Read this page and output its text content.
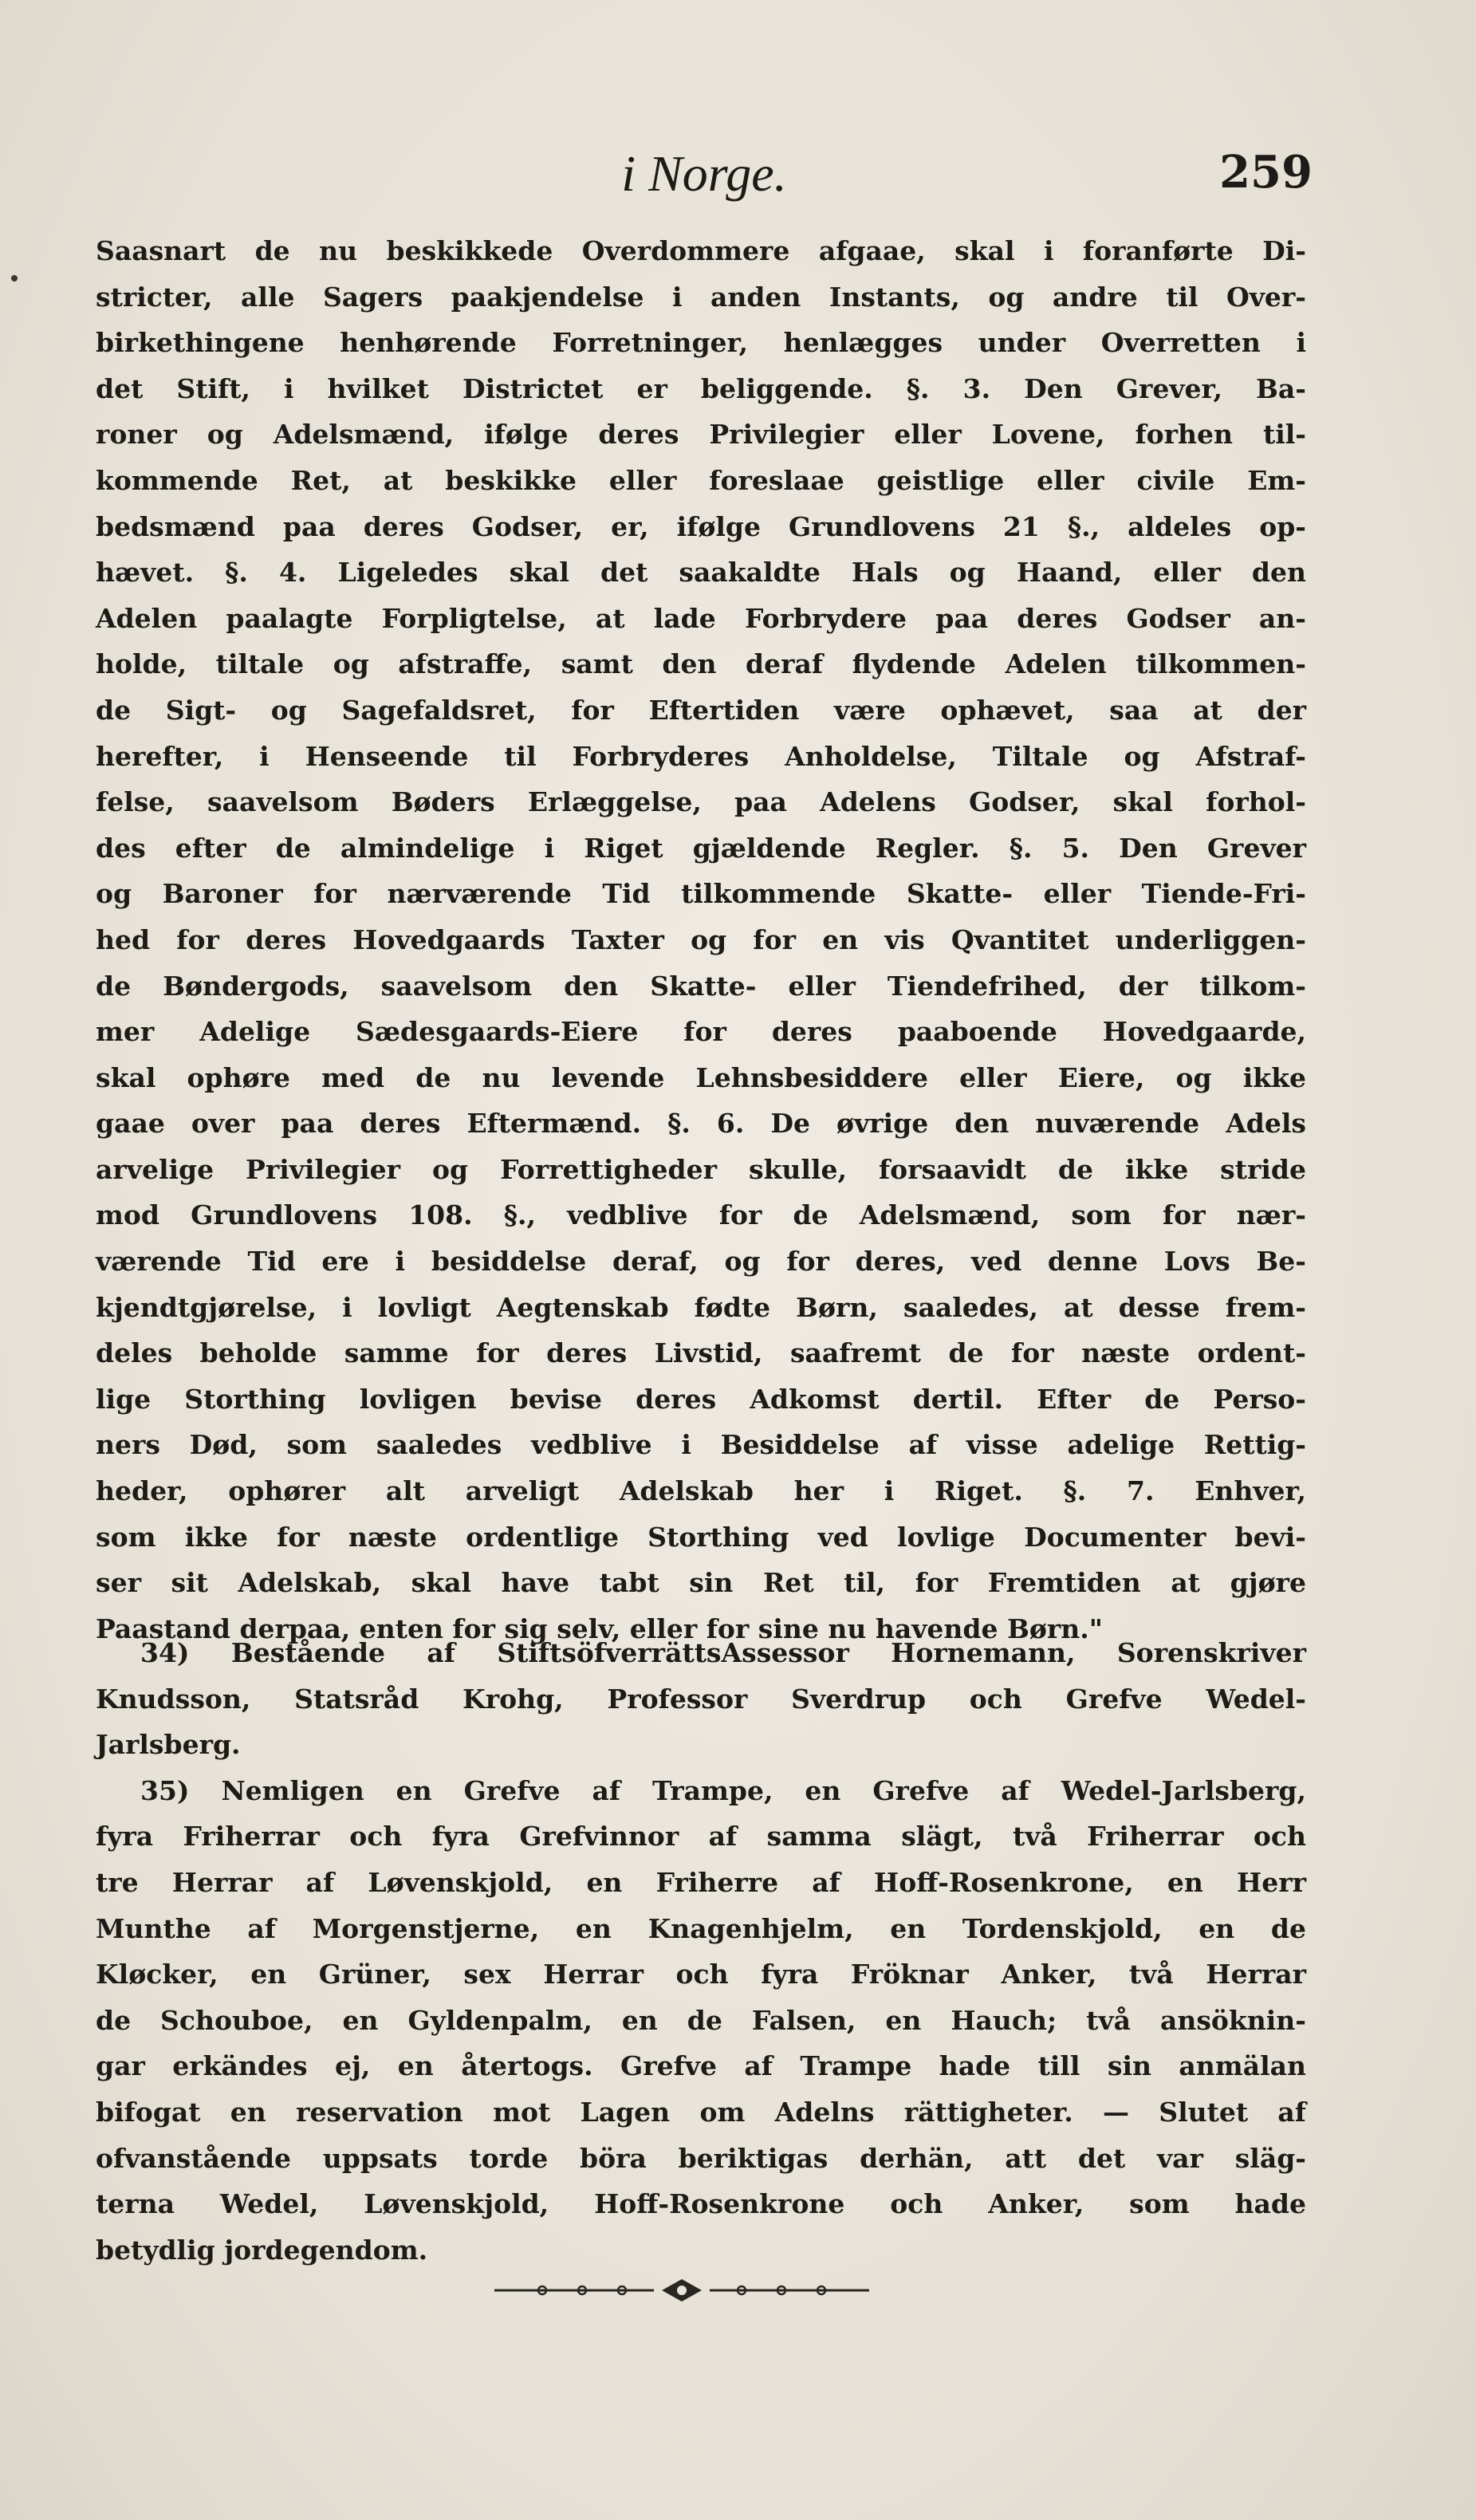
i Norge.	259
Saasnart de nu beskikkede Overdommere afgaae, skal i foranførte Di-
stricter, alle Sagers paakjendelse i anden Instants, og andre til Over-
birkethingene henhørende Forretninger, henlægges under Overretten i
det Stift, i hvilket Districtet er beliggende. §. 3. Den Grever, Ba-
roner og Adelsmænd, ifølge deres Privilegier eller Lovene, forhen til-
kommende Ret, at beskikke eller foreslaae geistlige eller civile Em-
bedsmænd paa deres Godser, er, ifølge Grundlovens 21 §., aldeles op-
hævet. §. 4. Ligeledes skal det saakaldte Hals og Haand, eller den
Adelen paalagte Forpligtelse, at lade Forbrydere paa deres Godser an-
holde, tiltale og afstraffe, samt den deraf flydende Adelen tilkommen-
de Sigt- og Sagefaldsret, for Eftertiden være ophævet, saa at der
herefter, i Henseende til Forbryderes Anholdelse, Tiltale og Afstraf-
felse, saavelsom Bøders Erlæggelse, paa Adelens Godser, skal forhol-
des efter de almindelige i Riget gjældende Regler. §. 5. Den Grever
og Baroner for nærværende Tid tilkommende Skatte- eller Tiende-Fri-
hed for deres Hovedgaards Taxter og for en vis Qvantitet underliggen-
de Bøndergods, saavelsom den Skatte- eller Tiendefrihed, der tilkom-
mer Adelige Sædesgaards-Eiere for deres paaboende Hovedgaarde,
skal ophøre med de nu levende Lehnsbesiddere eller Eiere, og ikke
gaae over paa deres Eftermænd. §. 6. De øvrige den nuværende Adels
arvelige Privilegier og Forrettigheder skulle, forsaavidt de ikke stride
mod Grundlovens 108. §., vedblive for de Adelsmænd, som for nær-
værende Tid ere i besiddelse deraf, og for deres, ved denne Lovs Be-
kjendtgjørelse, i lovligt Aegtenskab fødte Børn, saaledes, at desse frem-
deles beholde samme for deres Livstid, saafremt de for næste ordent-
lige Storthing lovligen bevise deres Adkomst dertil. Efter de Perso-
ners Død, som saaledes vedblive i Besiddelse af visse adelige Rettig-
heder, ophører alt arveligt Adelskab her i Riget. §. 7. Enhver,
som ikke for næste ordentlige Storthing ved lovlige Documenter bevi-
ser sit Adelskab, skal have tabt sin Ret til, for Fremtiden at gjøre
Paastand derpaa, enten for sig selv, eller for sine nu havende Børn."
34) Bestående af StiftsöfverrättsAssessor Hornemann, Sorenskriver
Knudsson, Statsråd Krohg, Professor Sverdrup och Grefve Wedel-
Jarlsberg.
35) Nemligen en Grefve af Trampe, en Grefve af Wedel-Jarlsberg,
fyra Friherrar och fyra Grefvinnor af samma slägt, två Friherrar och
tre Herrar af Løvenskjold, en Friherre af Hoff-Rosenkrone, en Herr
Munthe af Morgenstjerne, en Knagenhjelm, en Tordenskjold, en de
Kløcker, en Grüner, sex Herrar och fyra Fröknar Anker, två Herrar
de Schouboe, en Gyldenpalm, en de Falsen, en Hauch; två ansöknin-
gar erkändes ej, en återtogs. Grefve af Trampe hade till sin anmälan
bifogat en reservation mot Lagen om Adelns rättigheter. — Slutet af
ofvanstående uppsats torde böra beriktigas derhän, att det var släg-
terna Wedel, Løvenskjold, Hoff-Rosenkrone och Anker, som hade
betydlig jordegendom.
